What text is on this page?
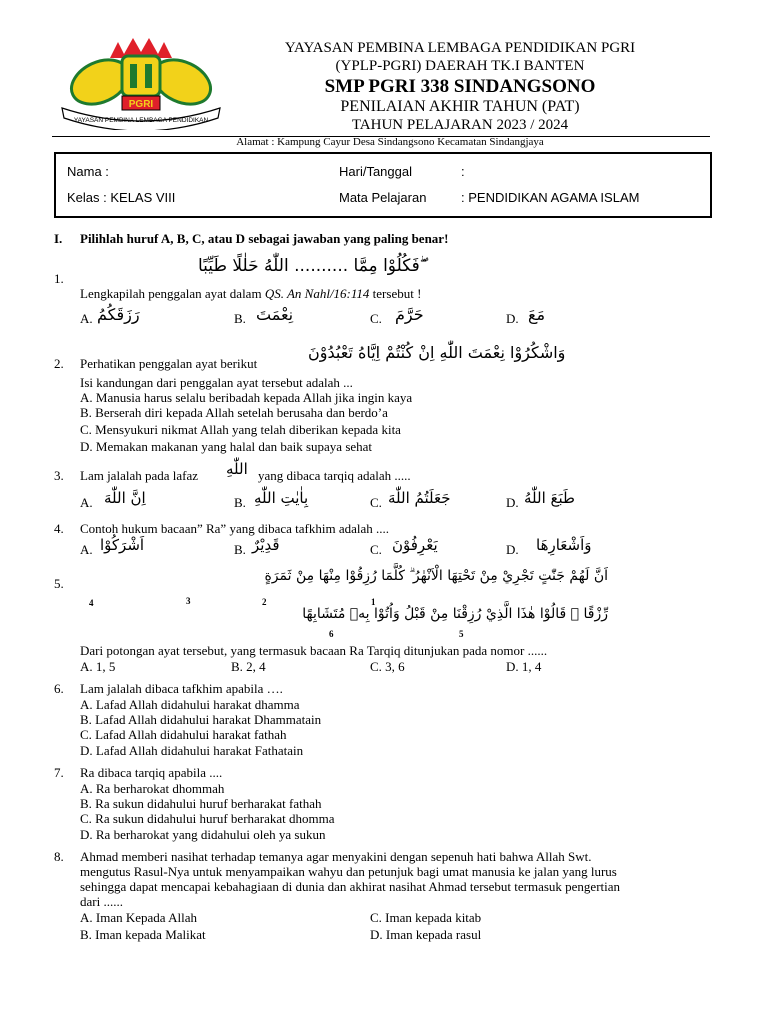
PGRI
YAYASAN PEMBINA LEMBAGA PENDIDIKAN
YAYASAN PEMBINA LEMBAGA PENDIDIKAN PGRI
(YPLP-PGRI) DAERAH TK.I BANTEN
SMP PGRI 338 SINDANGSONO
PENILAIAN AKHIR TAHUN (PAT)
TAHUN PELAJARAN 2023 / 2024
Alamat : Kampung Cayur Desa Sindangsono Kecamatan Sindangjaya
Nama :	Hari/Tanggal	:
Kelas : KELAS VIII	Mata Pelajaran	: PENDIDIKAN AGAMA ISLAM
I. Pilihlah huruf A, B, C, atau D sebagai jawaban yang paling benar!
1.
فَكُلُوْا مِمَّا .......... اللّٰهُ حَلٰلًا طَيِّبًا ۖ
Lengkapilah penggalan ayat dalam QS. An Nahl/16:114 tersebut !
A. رَزَقَكُمُ	B. نِعْمَتَ	C. حَرَّمَ	D. مَعَ
2. Perhatikan penggalan ayat berikut
وَاشْكُرُوْا نِعْمَتَ اللّٰهِ اِنْ كُنْتُمْ اِيَّاهُ تَعْبُدُوْنَ
Isi kandungan dari penggalan ayat tersebut adalah ...
A. Manusia harus selalu beribadah kepada Allah jika ingin kaya
B. Berserah diri kepada Allah setelah berusaha dan berdo’a
C. Mensyukuri nikmat Allah yang telah diberikan kepada kita
D. Memakan makanan yang halal dan baik supaya sehat
3. Lam jalalah pada lafaz اللّٰهِ yang dibaca tarqiq adalah .....
A. اِنَّ اللّٰهَ	B. بِاٰيٰتِ اللّٰهِ	C. جَعَلَتُمُ اللّٰهَ	D. طَبَعَ اللّٰهُ
4. Contoh hukum bacaan” Ra” yang dibaca tafkhim adalah ....
A. اَشْرَكُوْا	B. قَدِيْرٌ	C. يَعْرِفُوْنَ	D. وَاَشْعَارِهَا
5.	اَنَّ لَهُمْ جَنّٰتٍ تَجْرِيْ مِنْ تَحْتِهَا الْاَنْهٰرُ ۗ كُلَّمَا رُزِقُوْا مِنْهَا مِنْ ثَمَرَةٍ
4	3	2	1
رِّزْقًا ۙ قَالُوْا هٰذَا الَّذِيْ رُزِقْنَا مِنْ قَبْلُ وَاُتُوْا بِهٖ مُتَشَابِهًا
6	5
Dari potongan ayat tersebut, yang termasuk bacaan Ra Tarqiq ditunjukan pada nomor ......
A. 1, 5	B. 2, 4	C. 3, 6	D. 1, 4
6. Lam jalalah dibaca tafkhim apabila ….
A. Lafad Allah didahului harakat dhamma
B. Lafad Allah didahului harakat Dhammatain
C. Lafad Allah didahului harakat fathah
D. Lafad Allah didahului harakat Fathatain
7. Ra dibaca tarqiq apabila ....
A. Ra berharokat dhommah
B. Ra sukun didahului huruf berharakat fathah
C. Ra sukun didahului huruf berharakat dhomma
D. Ra berharokat yang didahului oleh ya sukun
8. Ahmad memberi nasihat terhadap temanya agar menyakini dengan sepenuh hati bahwa Allah Swt.
mengutus Rasul-Nya untuk menyampaikan wahyu dan petunjuk bagi umat manusia ke jalan yang lurus
sehingga dapat mencapai kebahagiaan di dunia dan akhirat nasihat Ahmad tersebut termasuk pengertian
dari ......
A. Iman Kepada Allah	C. Iman kepada kitab
B. Iman kepada Malikat	D. Iman kepada rasul
